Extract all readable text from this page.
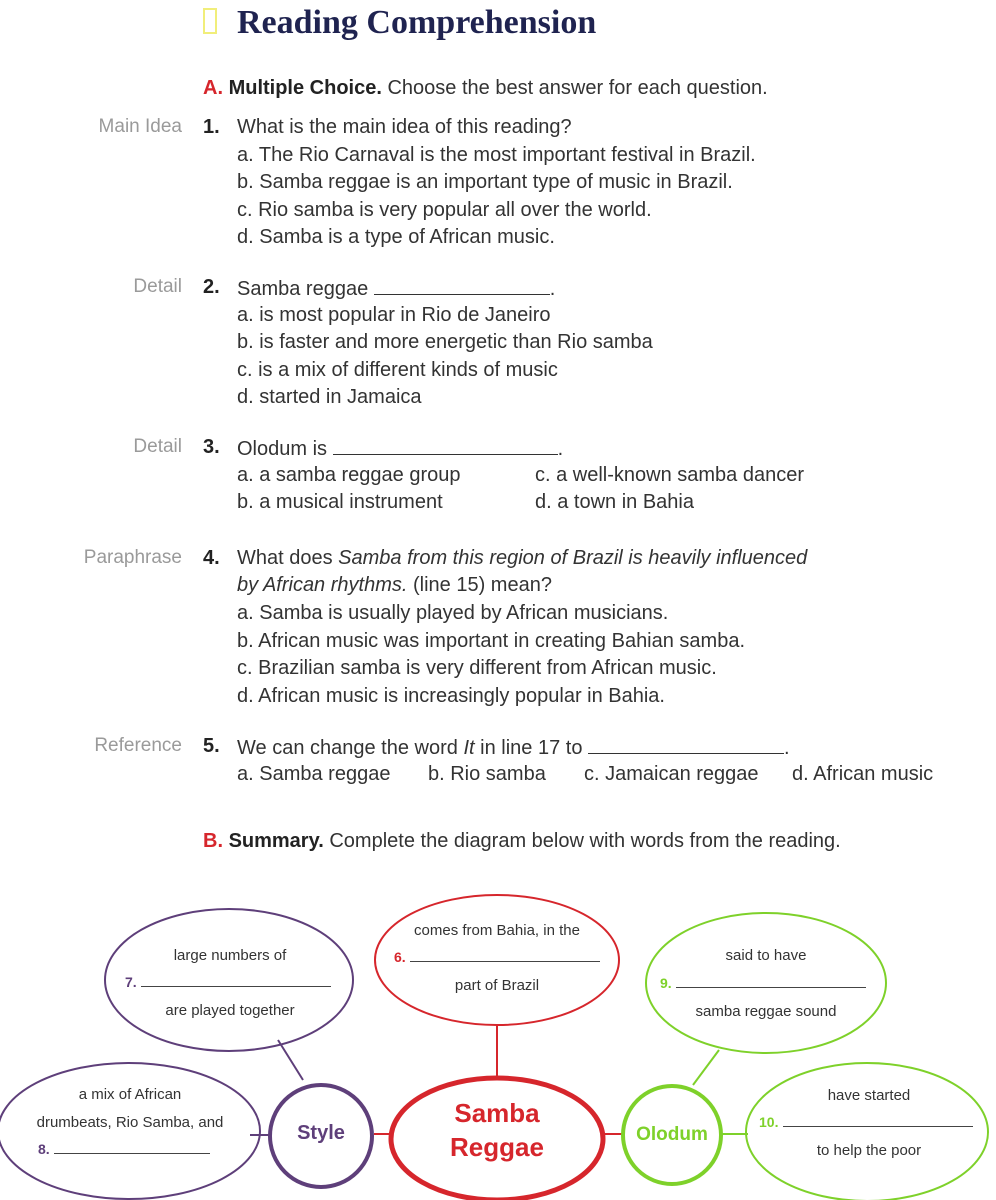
Reading Comprehension
A. Multiple Choice. Choose the best answer for each question.
Main Idea 1. What is the main idea of this reading?
a. The Rio Carnaval is the most important festival in Brazil.
b. Samba reggae is an important type of music in Brazil.
c. Rio samba is very popular all over the world.
d. Samba is a type of African music.
Detail 2. Samba reggae	.
a. is most popular in Rio de Janeiro
b. is faster and more energetic than Rio samba
c. is a mix of different kinds of music
d. started in Jamaica
Detail 3. Olodum is	.
a. a samba reggae group	c. a well-known samba dancer
b. a musical instrument	d. a town in Bahia
Paraphrase 4. What does Samba from this region of Brazil is heavily influenced
by African rhythms. (line 15) mean?
a. Samba is usually played by African musicians.
b. African music was important in creating Bahian samba.
c. Brazilian samba is very different from African music.
d. African music is increasingly popular in Bahia.
Reference 5. We can change the word It in line 17 to	.
a. Samba reggae b. Rio samba c. Jamaican reggae d. African music
B. Summary. Complete the diagram below with words from the reading.
large numbers of
7.
are played together
a mix of African
drumbeats, Rio Samba, and
8.
comes from Bahia, in the
6.
part of Brazil
said to have
9.
samba reggae sound
have started
10.
to help the poor
Style
Samba
Reggae	Olodum
